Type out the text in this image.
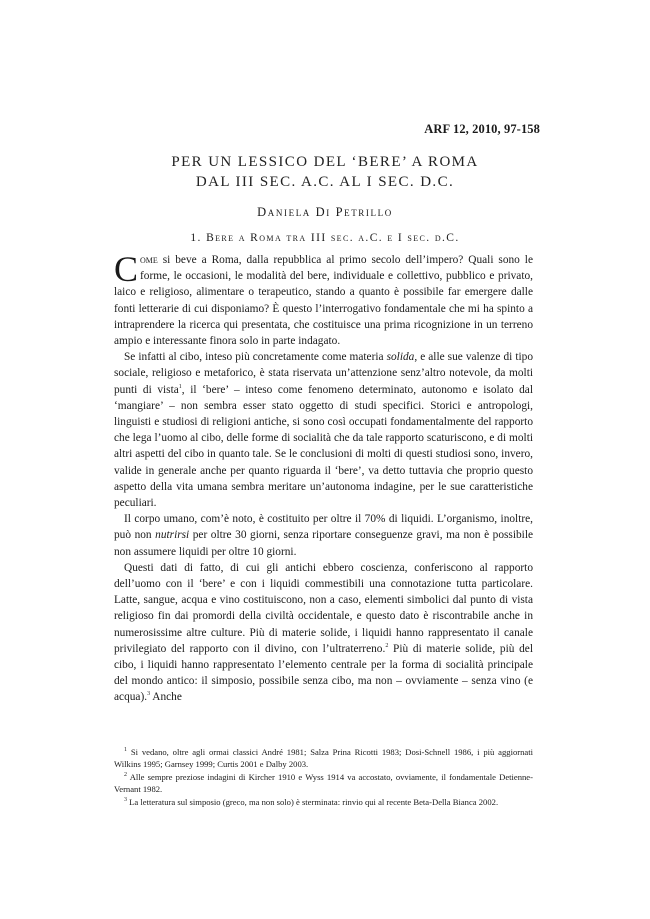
ARF 12, 2010, 97-158
PER UN LESSICO DEL ‘BERE’ A ROMA
DAL III SEC. A.C. AL I SEC. D.C.
Daniela Di Petrillo
1. Bere a Roma tra III sec. a.C. e I sec. d.C.

Come si beve a Roma, dalla repubblica al primo secolo dell’impero? Quali sono le forme, le occasioni, le modalità del bere, individuale e collettivo, pubblico e privato, laico e religioso, alimentare o terapeutico, stando a quanto è possibile far emergere dalle fonti letterarie di cui disponiamo? È questo l’interrogativo fondamentale che mi ha spinto a intraprendere la ricerca qui presentata, che costituisce una prima ricognizione in un terreno ampio e interessante finora solo in parte indagato.

Se infatti al cibo, inteso più concretamente come materia solida, e alle sue valenze di tipo sociale, religioso e metaforico, è stata riservata un’attenzione senz’altro notevole, da molti punti di vista$^1$, il ‘bere’ – inteso come fenomeno determinato, autonomo e isolato dal ‘mangiare’ – non sembra esser stato oggetto di studi specifici. Storici e antropologi, linguisti e studiosi di religioni antiche, si sono così occupati fondamentalmente del rapporto che lega l’uomo al cibo, delle forme di socialità che da tale rapporto scaturiscono, e di molti altri aspetti del cibo in quanto tale. Se le conclusioni di molti di questi studiosi sono, invero, valide in generale anche per quanto riguarda il ‘bere’, va detto tuttavia che proprio questo aspetto della vita umana sembra meritare un’autonoma indagine, per le sue caratteristiche peculiari.

Il corpo umano, com’è noto, è costituito per oltre il 70% di liquidi. L’organismo, inoltre, può non nutrirsi per oltre 30 giorni, senza riportare conseguenze gravi, ma non è possibile non assumere liquidi per oltre 10 giorni.

Questi dati di fatto, di cui gli antichi ebbero coscienza, conferiscono al rapporto dell’uomo con il ‘bere’ e con i liquidi commestibili una connotazione tutta particolare. Latte, sangue, acqua e vino costituiscono, non a caso, elementi simbolici dal punto di vista religioso fin dai promordi della civiltà occidentale, e questo dato è riscontrabile anche in numerosissime altre culture. Più di materie solide, i liquidi hanno rappresentato il canale privilegiato del rapporto con il divino, con l’ultraterreno.$^2$ Più di materie solide, più del cibo, i liquidi hanno rappresentato l’elemento centrale per la forma di socialità principale del mondo antico: il simposio, possibile senza cibo, ma non – ovviamente – senza vino (e acqua).$^3$ Anche

$^1$ Si vedano, oltre agli ormai classici André 1981; Salza Prina Ricotti 1983; Dosi-Schnell 1986, i più aggiornati Wilkins 1995; Garnsey 1999; Curtis 2001 e Dalby 2003.

$^2$ Alle sempre preziose indagini di Kircher 1910 e Wyss 1914 va accostato, ovviamente, il fondamentale Detienne-Vernant 1982.

$^3$ La letteratura sul simposio (greco, ma non solo) è sterminata: rinvio qui al recente Beta-Della Bianca 2002.
